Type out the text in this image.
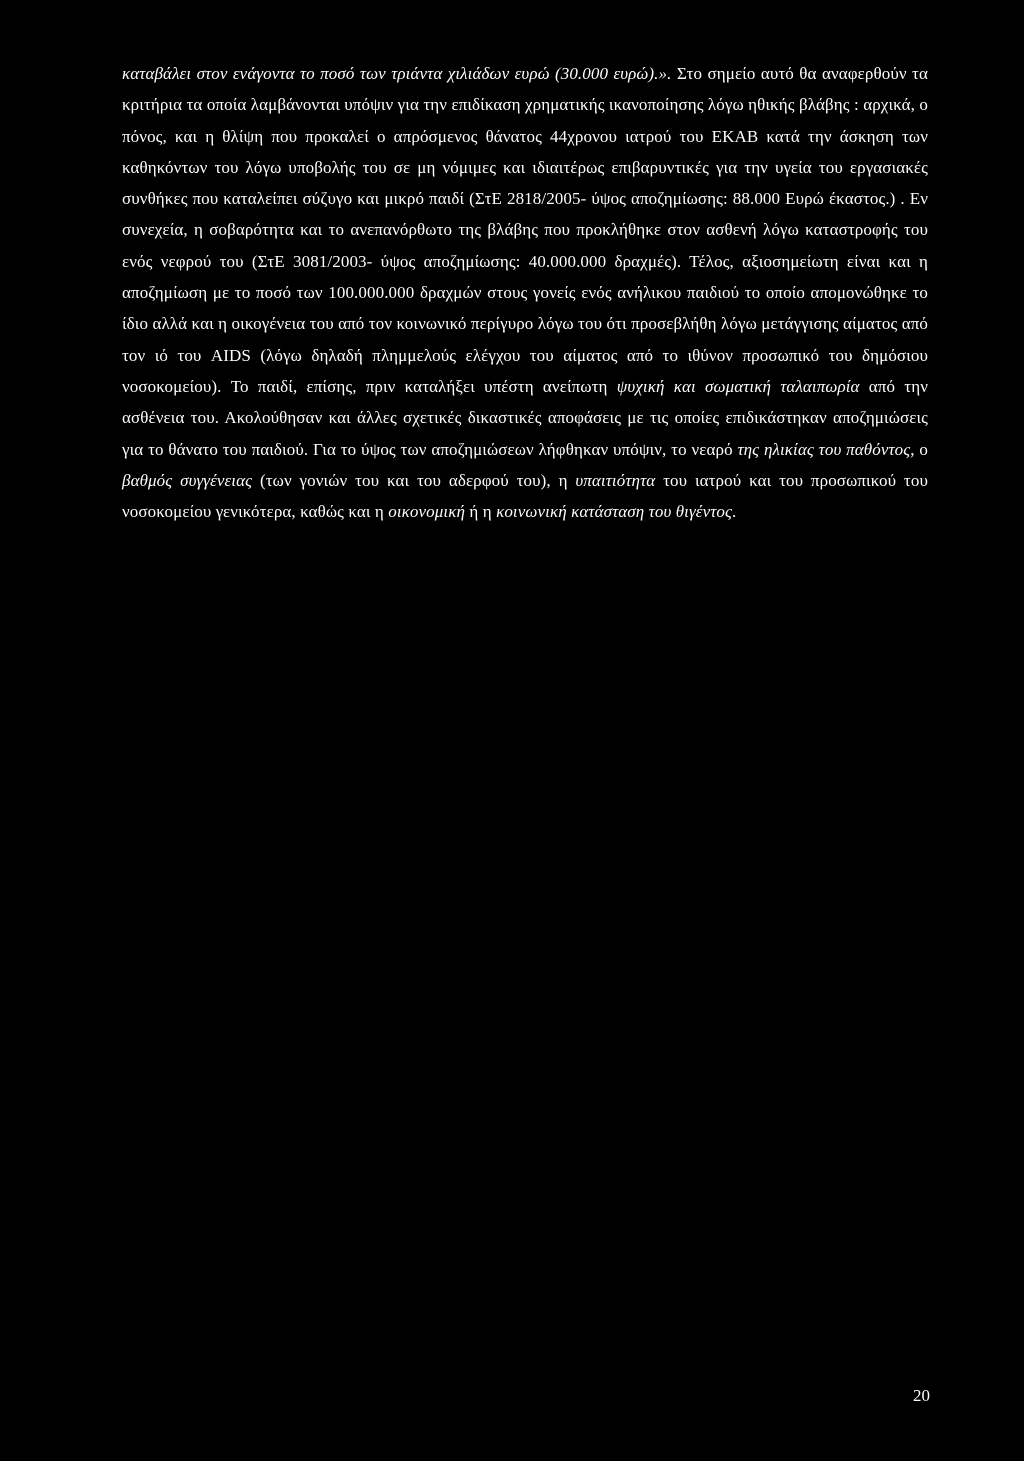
καταβάλει στον ενάγοντα το ποσό των τριάντα χιλιάδων ευρώ (30.000 ευρώ).». Στο σημείο αυτό θα αναφερθούν τα κριτήρια τα οποία λαμβάνονται υπόψιν για την επιδίκαση χρηματικής ικανοποίησης λόγω ηθικής βλάβης : αρχικά, ο πόνος, και η θλίψη που προκαλεί ο απρόσμενος θάνατος 44χρονου ιατρού του ΕΚΑΒ κατά την άσκηση των καθηκόντων του λόγω υποβολής του σε μη νόμιμες και ιδιαιτέρως επιβαρυντικές για την υγεία του εργασιακές συνθήκες που καταλείπει σύζυγο και μικρό παιδί (ΣτΕ 2818/2005- ύψος αποζημίωσης: 88.000 Ευρώ έκαστος.) . Εν συνεχεία, η σοβαρότητα και το ανεπανόρθωτο της βλάβης που προκλήθηκε στον ασθενή λόγω καταστροφής του ενός νεφρού του (ΣτΕ 3081/2003- ύψος αποζημίωσης: 40.000.000 δραχμές). Τέλος, αξιοσημείωτη είναι και η αποζημίωση με το ποσό των 100.000.000 δραχμών στους γονείς ενός ανήλικου παιδιού το οποίο απομονώθηκε το ίδιο αλλά και η οικογένεια του από τον κοινωνικό περίγυρο λόγω του ότι προσεβλήθη λόγω μετάγγισης αίματος από τον ιό του AIDS (λόγω δηλαδή πλημμελούς ελέγχου του αίματος από το ιθύνον προσωπικό του δημόσιου νοσοκομείου). Το παιδί, επίσης, πριν καταλήξει υπέστη ανείπωτη ψυχική και σωματική ταλαιπωρία από την ασθένεια του. Ακολούθησαν και άλλες σχετικές δικαστικές αποφάσεις με τις οποίες επιδικάστηκαν αποζημιώσεις για το θάνατο του παιδιού. Για το ύψος των αποζημιώσεων λήφθηκαν υπόψιν, το νεαρό της ηλικίας του παθόντος, ο βαθμός συγγένειας (των γονιών του και του αδερφού του), η υπαιτιότητα του ιατρού και του προσωπικού του νοσοκομείου γενικότερα, καθώς και η οικονομική ή η κοινωνική κατάσταση του θιγέντος.
20
